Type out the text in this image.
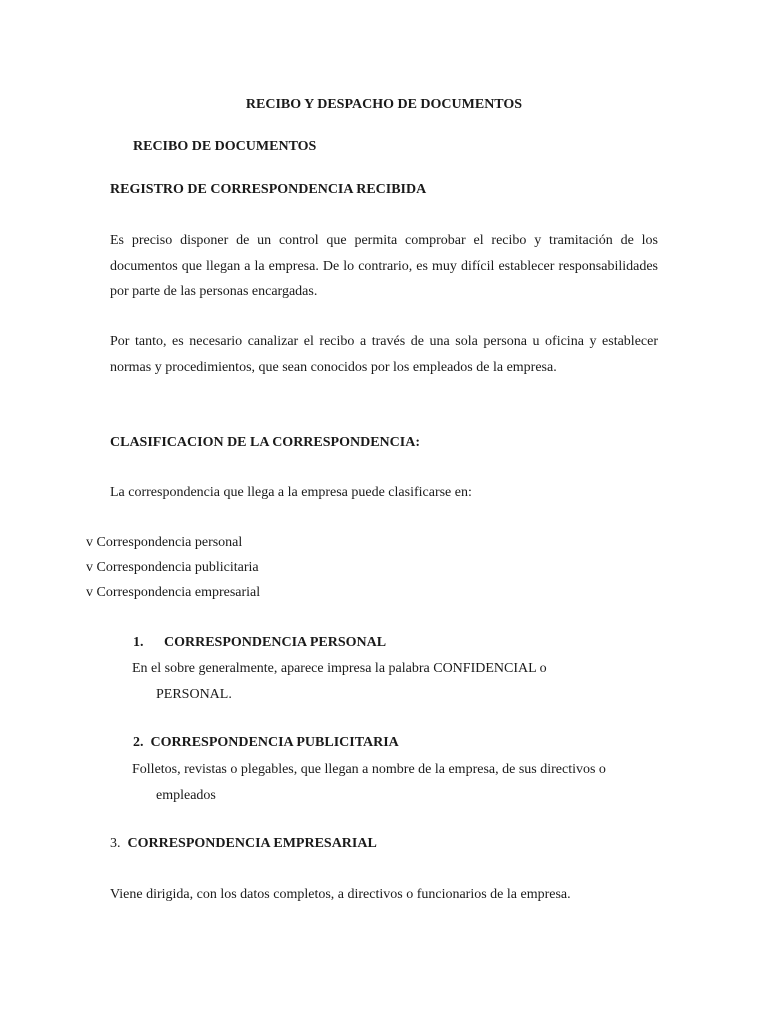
RECIBO Y DESPACHO DE DOCUMENTOS
RECIBO DE DOCUMENTOS
REGISTRO DE CORRESPONDENCIA RECIBIDA

Es preciso disponer de un control que permita comprobar el recibo y tramitación de los documentos que llegan a la empresa. De lo contrario, es muy difícil establecer responsabilidades por parte de las personas encargadas.

Por tanto, es necesario canalizar el recibo a través de una sola persona u oficina y establecer normas y procedimientos, que sean conocidos por los empleados de la empresa.

CLASIFICACION DE LA CORRESPONDENCIA:
La correspondencia que llega a la empresa puede clasificarse en:
v Correspondencia personal
v Correspondencia publicitaria
v Correspondencia empresarial
1. CORRESPONDENCIA PERSONAL
En el sobre generalmente, aparece impresa la palabra CONFIDENCIAL o
PERSONAL.
2. CORRESPONDENCIA PUBLICITARIA
Folletos, revistas o plegables, que llegan a nombre de la empresa, de sus directivos o
empleados
3. CORRESPONDENCIA EMPRESARIAL
Viene dirigida, con los datos completos, a directivos o funcionarios de la empresa.
